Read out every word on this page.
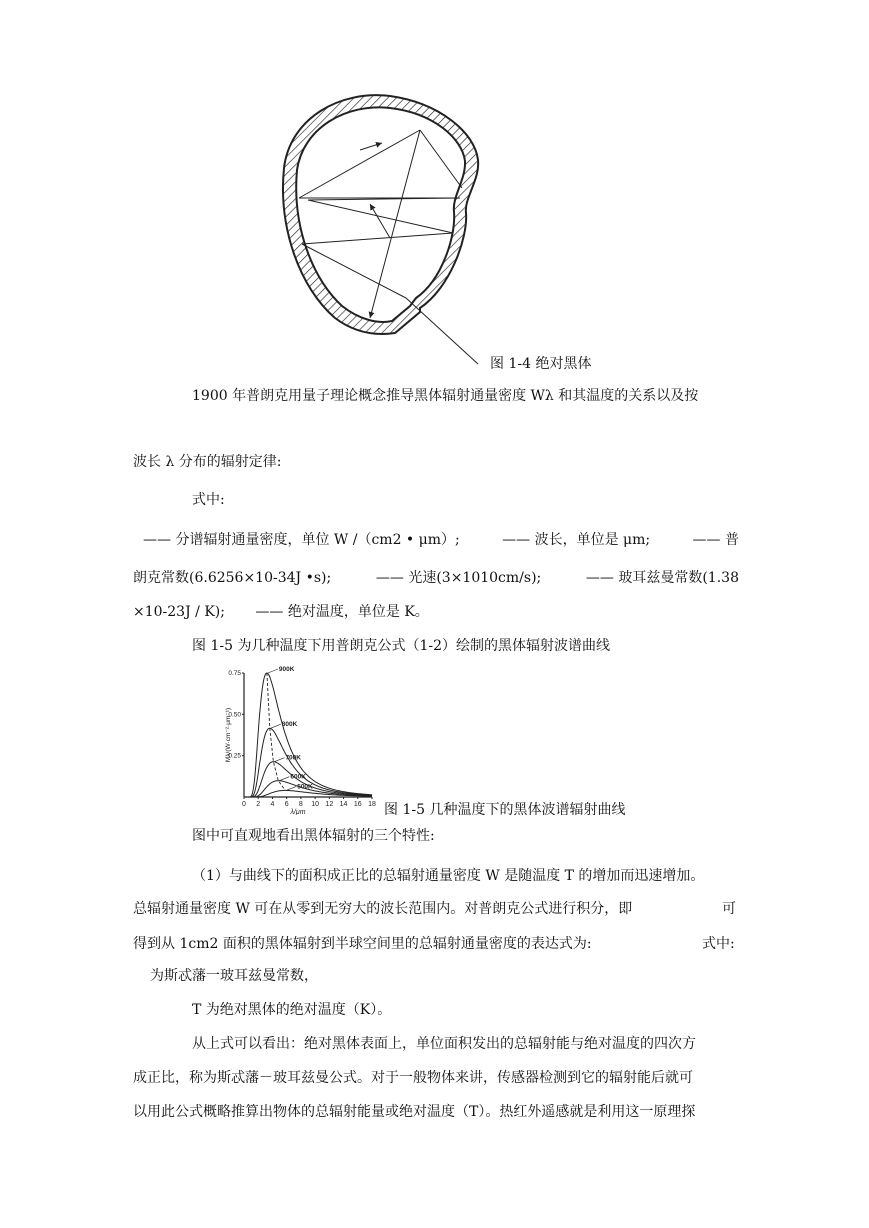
图 1-4 绝对黑体
1900 年普朗克用量子理论概念推导黑体辐射通量密度 Wλ 和其温度的关系以及按
波长 λ 分布的辐射定律:
式中:
—— 分谱辐射通量密度，单位 W /（cm2 • μm）;	—— 波长，单位是 μm;	—— 普
朗克常数(6.6256×10-34J •s);	—— 光速(3×1010cm/s);	—— 玻耳兹曼常数(1.38
×10-23J / K); —— 绝对温度，单位是 K。
图 1-5 为几种温度下用普朗克公式（1-2）绘制的黑体辐射波谱曲线
0 2 4 6 8 10 12 14 16 18
0.25
0.50
0.75
λ/μm
Mλ/(W·cm⁻²·μm⁻¹)
900K
800K
700K
600K
500K
图 1-5 几种温度下的黑体波谱辐射曲线
图中可直观地看出黑体辐射的三个特性:
（1）与曲线下的面积成正比的总辐射通量密度 W 是随温度 T 的增加而迅速增加。
总辐射通量密度 W 可在从零到无穷大的波长范围内。对普朗克公式进行积分，即	可
得到从 1cm2 面积的黑体辐射到半球空间里的总辐射通量密度的表达式为:	式中:
为斯忒藩一玻耳兹曼常数，
T 为绝对黑体的绝对温度（K）。
从上式可以看出：绝对黑体表面上，单位面积发出的总辐射能与绝对温度的四次方
成正比，称为斯忒藩－玻耳兹曼公式。对于一般物体来讲，传感器检测到它的辐射能后就可
以用此公式概略推算出物体的总辐射能量或绝对温度（T）。热红外遥感就是利用这一原理探
